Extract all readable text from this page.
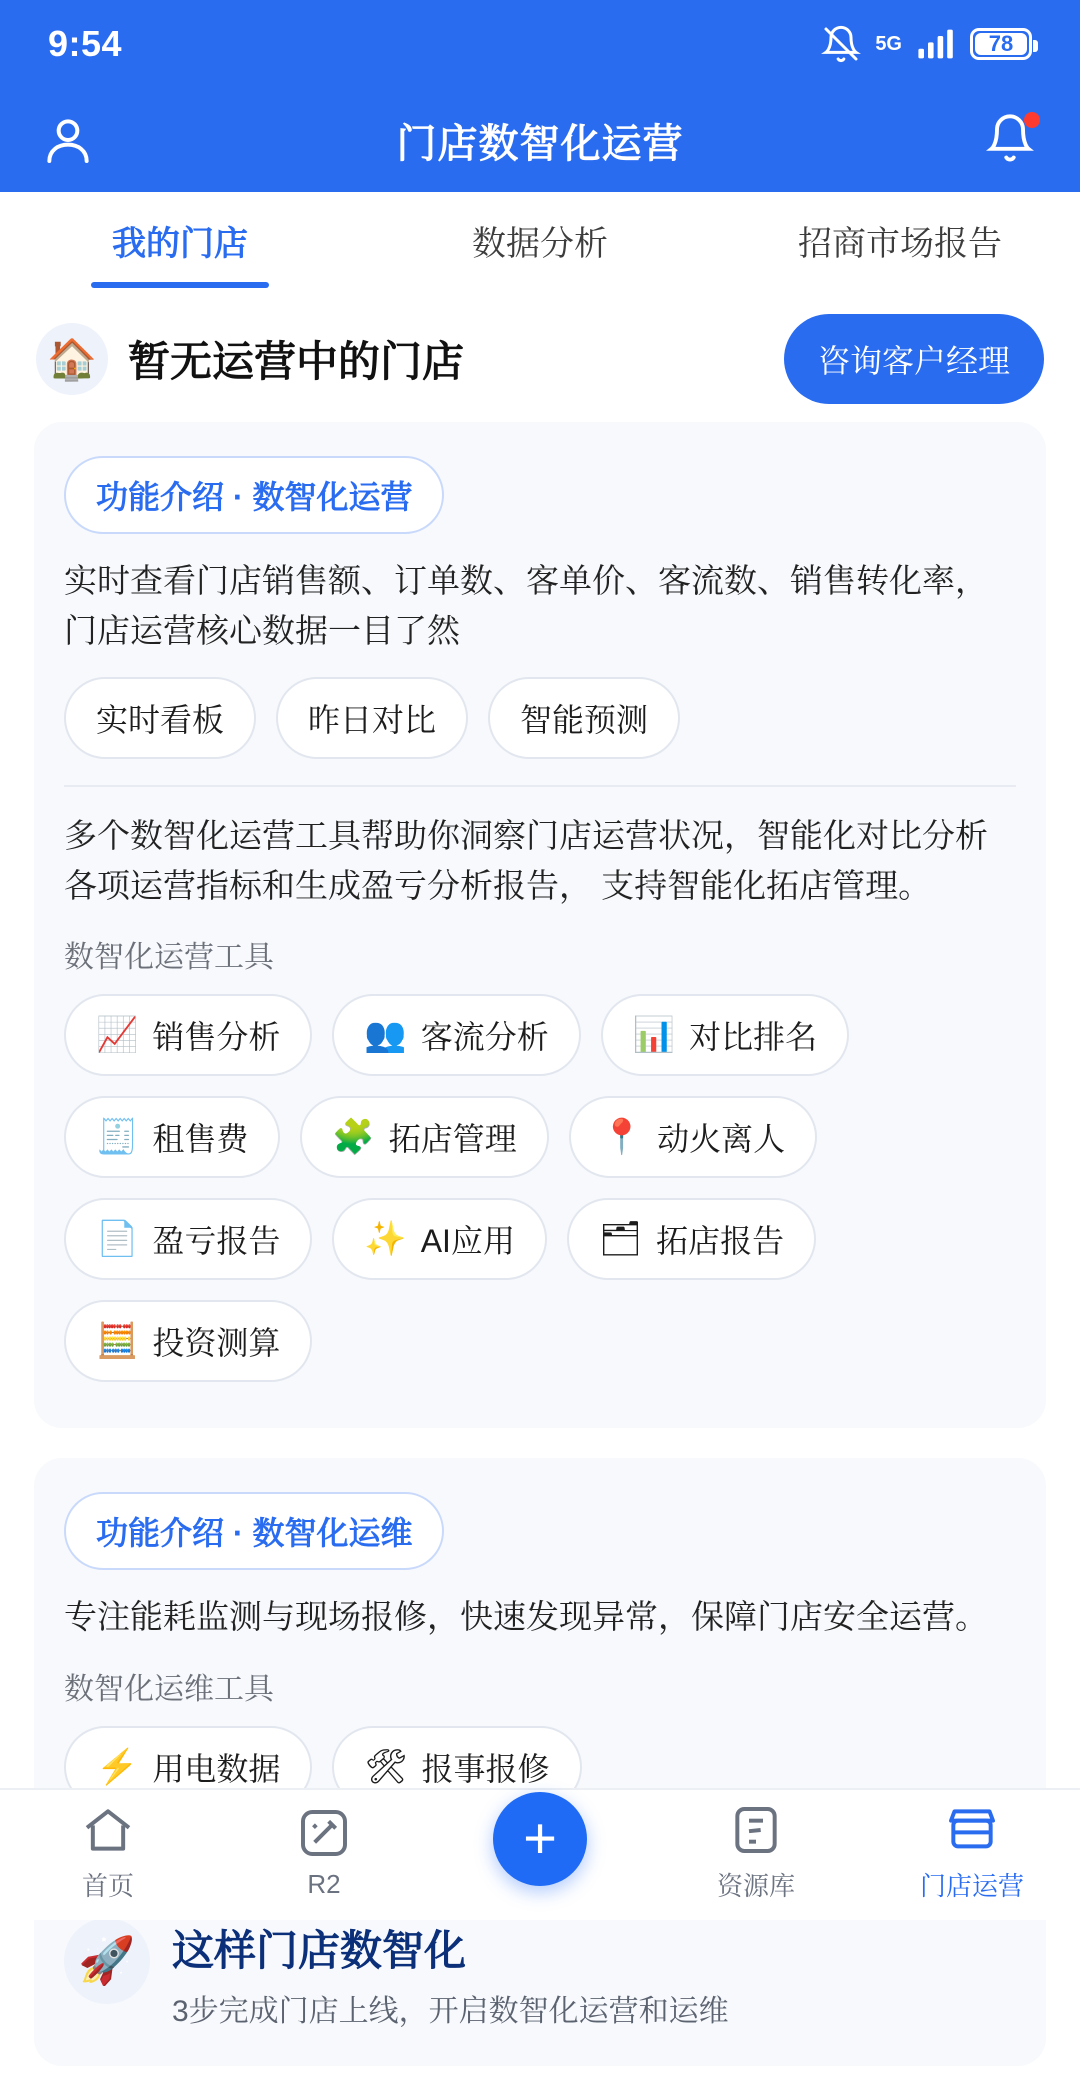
9:54	5G	78
门店数智化运营
我的门店	数据分析	招商市场报告
🏠 暂无运营中的门店	咨询客户经理
功能介绍 · 数智化运营
实时查看门店销售额、订单数、客单价、客流数、销售转化率，门店运营核心数据一目了然
实时看板	昨日对比	智能预测
多个数智化运营工具帮助你洞察门店运营状况，智能化对比分析各项运营指标和生成盈亏分析报告， 支持智能化拓店管理。
数智化运营工具
📈 销售分析 👥 客流分析 📊 对比排名
🧾 租售费 🧩 拓店管理 📍 动火离人
📄 盈亏报告 ✨ AI应用 🗂 拓店报告
🧮 投资测算
功能介绍 · 数智化运维
专注能耗监测与现场报修，快速发现异常，保障门店安全运营。
数智化运维工具
⚡ 用电数据 🛠 报事报修
🚀 这样门店数智化
3步完成门店上线，开启数智化运营和运维
首页	R2
+
资源库	门店运营
